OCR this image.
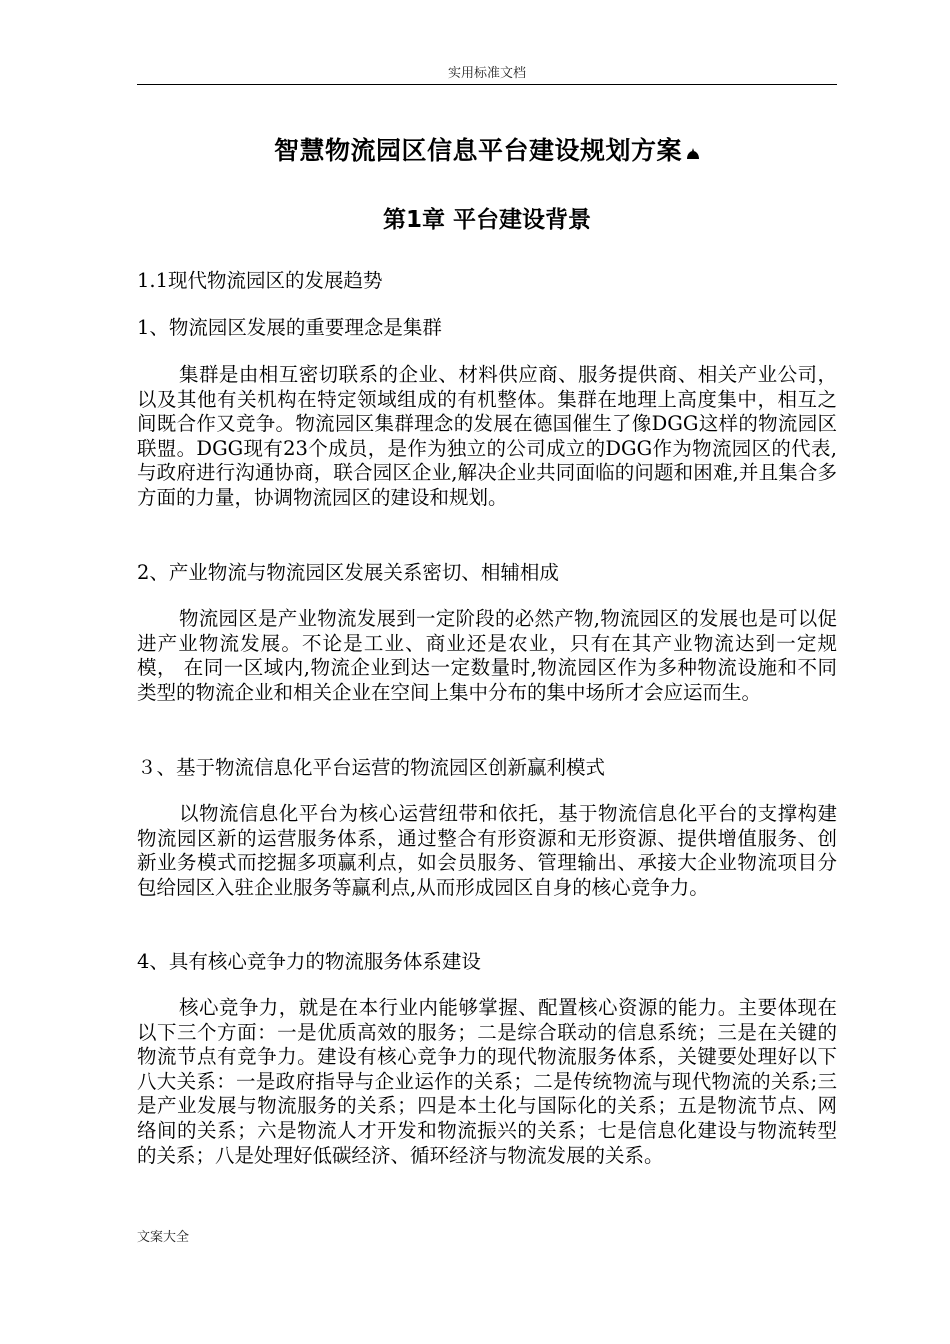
实用标准文档
智慧物流园区信息平台建设规划方案
第1章 平台建设背景
1.1现代物流园区的发展趋势
1、物流园区发展的重要理念是集群
集群是由相互密切联系的企业、材料供应商、服务提供商、相关产业公司，以及其他有关机构在特定领域组成的有机整体。集群在地理上高度集中，相互之间既合作又竞争。物流园区集群理念的发展在德国催生了像DGG这样的物流园区联盟。DGG现有23个成员，是作为独立的公司成立的DGG作为物流园区的代表,与政府进行沟通协商，联合园区企业,解决企业共同面临的问题和困难,并且集合多方面的力量，协调物流园区的建设和规划。
2、产业物流与物流园区发展关系密切、相辅相成
物流园区是产业物流发展到一定阶段的必然产物,物流园区的发展也是可以促进产业物流发展。不论是工业、商业还是农业，只有在其产业物流达到一定规模， 在同一区域内,物流企业到达一定数量时,物流园区作为多种物流设施和不同类型的物流企业和相关企业在空间上集中分布的集中场所才会应运而生。
３、基于物流信息化平台运营的物流园区创新赢利模式
以物流信息化平台为核心运营纽带和依托，基于物流信息化平台的支撑构建物流园区新的运营服务体系，通过整合有形资源和无形资源、提供增值服务、创新业务模式而挖掘多项赢利点，如会员服务、管理输出、承接大企业物流项目分包给园区入驻企业服务等赢利点,从而形成园区自身的核心竞争力。
4、具有核心竞争力的物流服务体系建设
核心竞争力，就是在本行业内能够掌握、配置核心资源的能力。主要体现在以下三个方面：一是优质高效的服务；二是综合联动的信息系统；三是在关键的物流节点有竞争力。建设有核心竞争力的现代物流服务体系，关键要处理好以下八大关系：一是政府指导与企业运作的关系；二是传统物流与现代物流的关系;三是产业发展与物流服务的关系；四是本土化与国际化的关系；五是物流节点、网络间的关系；六是物流人才开发和物流振兴的关系；七是信息化建设与物流转型的关系；八是处理好低碳经济、循环经济与物流发展的关系。
文案大全
